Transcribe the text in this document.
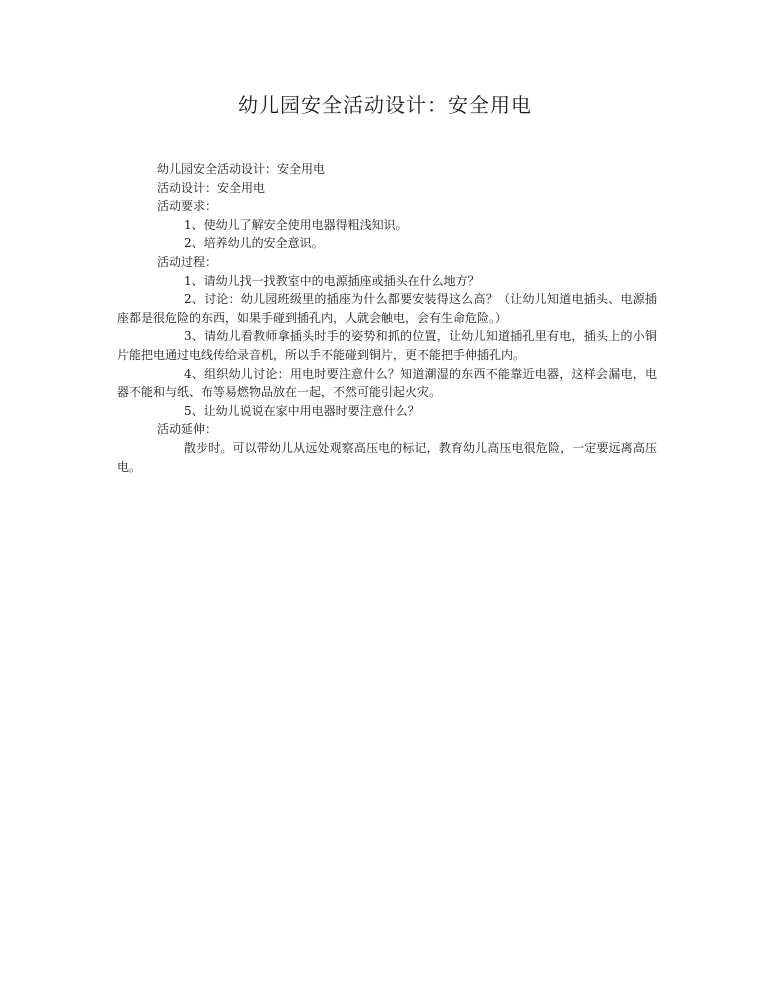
幼儿园安全活动设计：安全用电

幼儿园安全活动设计：安全用电

活动设计：安全用电

活动要求：

1、使幼儿了解安全使用电器得粗浅知识。

2、培养幼儿的安全意识。

活动过程：

1、请幼儿找一找教室中的电源插座或插头在什么地方？

2、讨论：幼儿园班级里的插座为什么都要安装得这么高？（让幼儿知道电插头、电源插座都是很危险的东西，如果手碰到插孔内，人就会触电，会有生命危险。）

3、请幼儿看教师拿插头时手的姿势和抓的位置，让幼儿知道插孔里有电，插头上的小铜片能把电通过电线传给录音机，所以手不能碰到铜片，更不能把手伸插孔内。

4、组织幼儿讨论：用电时要注意什么？知道潮湿的东西不能靠近电器，这样会漏电，电器不能和与纸、布等易燃物品放在一起，不然可能引起火灾。

5、让幼儿说说在家中用电器时要注意什么？

活动延伸：

散步时。可以带幼儿从远处观察高压电的标记，教育幼儿高压电很危险，一定要远离高压电。
